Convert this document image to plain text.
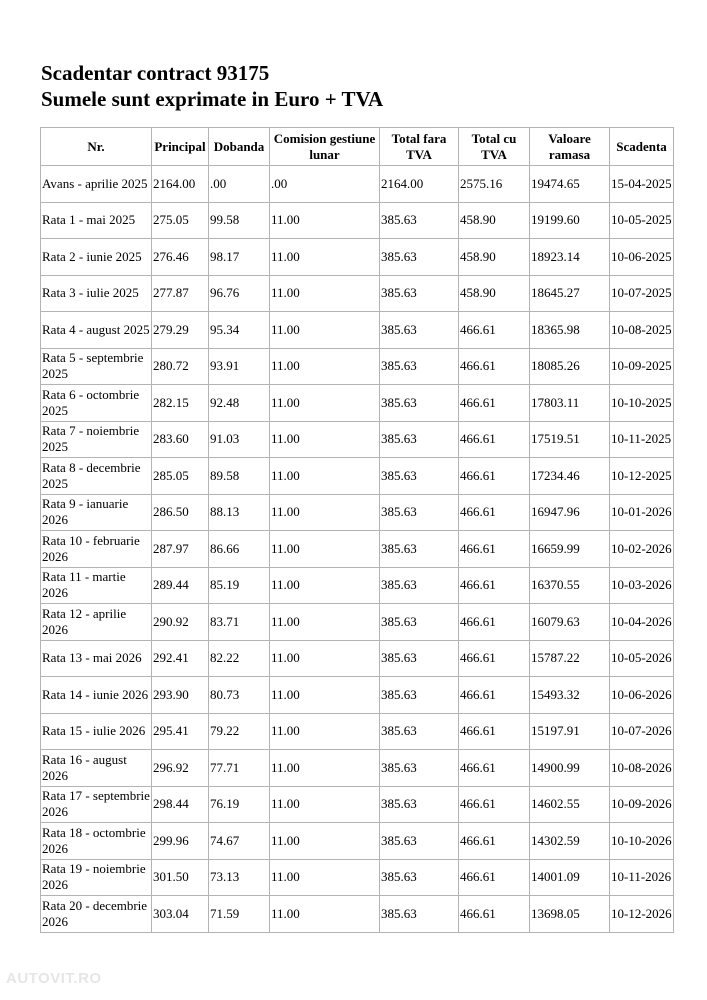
Scadentar contract 93175
Sumele sunt exprimate in Euro + TVA
Nr.	Principal	Dobanda	Comision gestiune lunar	Total fara TVA	Total cu TVA	Valoare ramasa	Scadenta
Avans - aprilie 2025	2164.00	.00	.00	2164.00	2575.16	19474.65	15-04-2025
Rata 1 - mai 2025	275.05	99.58	11.00	385.63	458.90	19199.60	10-05-2025
Rata 2 - iunie 2025	276.46	98.17	11.00	385.63	458.90	18923.14	10-06-2025
Rata 3 - iulie 2025	277.87	96.76	11.00	385.63	458.90	18645.27	10-07-2025
Rata 4 - august 2025	279.29	95.34	11.00	385.63	466.61	18365.98	10-08-2025
Rata 5 - septembrie 2025	280.72	93.91	11.00	385.63	466.61	18085.26	10-09-2025
Rata 6 - octombrie 2025	282.15	92.48	11.00	385.63	466.61	17803.11	10-10-2025
Rata 7 - noiembrie 2025	283.60	91.03	11.00	385.63	466.61	17519.51	10-11-2025
Rata 8 - decembrie 2025	285.05	89.58	11.00	385.63	466.61	17234.46	10-12-2025
Rata 9 - ianuarie 2026	286.50	88.13	11.00	385.63	466.61	16947.96	10-01-2026
Rata 10 - februarie 2026	287.97	86.66	11.00	385.63	466.61	16659.99	10-02-2026
Rata 11 - martie 2026	289.44	85.19	11.00	385.63	466.61	16370.55	10-03-2026
Rata 12 - aprilie 2026	290.92	83.71	11.00	385.63	466.61	16079.63	10-04-2026
Rata 13 - mai 2026	292.41	82.22	11.00	385.63	466.61	15787.22	10-05-2026
Rata 14 - iunie 2026	293.90	80.73	11.00	385.63	466.61	15493.32	10-06-2026
Rata 15 - iulie 2026	295.41	79.22	11.00	385.63	466.61	15197.91	10-07-2026
Rata 16 - august 2026	296.92	77.71	11.00	385.63	466.61	14900.99	10-08-2026
Rata 17 - septembrie 2026	298.44	76.19	11.00	385.63	466.61	14602.55	10-09-2026
Rata 18 - octombrie 2026	299.96	74.67	11.00	385.63	466.61	14302.59	10-10-2026
Rata 19 - noiembrie 2026	301.50	73.13	11.00	385.63	466.61	14001.09	10-11-2026
Rata 20 - decembrie 2026	303.04	71.59	11.00	385.63	466.61	13698.05	10-12-2026
AUTOVIT.RO
